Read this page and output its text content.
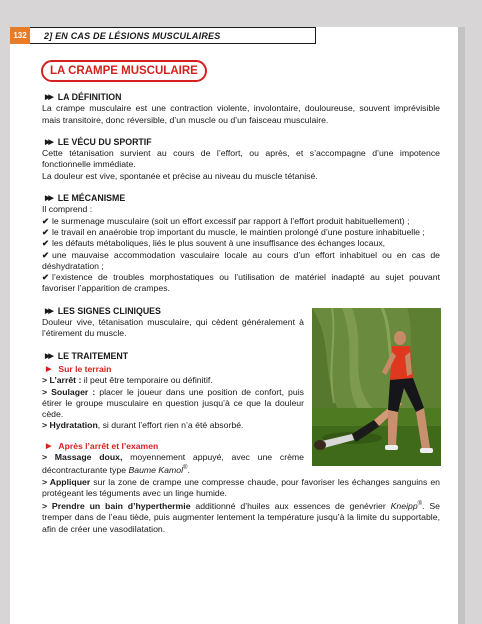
132	2] EN CAS DE LÉSIONS MUSCULAIRES
LA CRAMPE MUSCULAIRE
▶▶ LA DÉFINITION

La crampe musculaire est une contraction violente, involontaire, douloureuse, souvent imprévisible mais transitoire, donc réversible, d’un muscle ou d’un faisceau musculaire.

▶▶ LE VÉCU DU SPORTIF

Cette tétanisation survient au cours de l’effort, ou après, et s’accompagne d’une impotence fonctionnelle immédiate.

La douleur est vive, spontanée et précise au niveau du muscle tétanisé.

▶▶ LE MÉCANISME

Il comprend :

✔ le surmenage musculaire (soit un effort excessif par rapport à l’effort produit habituellement) ;

✔ le travail en anaérobie trop important du muscle, le maintien prolongé d’une posture inhabituelle ;

✔ les défauts métaboliques, liés le plus souvent à une insuffisance des échanges locaux,

✔ une mauvaise accommodation vasculaire locale au cours d’un effort inhabituel ou en cas de déshydratation ;

✔ l’existence de troubles morphostatiques ou l’utilisation de matériel inadapté au sujet pouvant favoriser l’apparition de crampes.

▶▶ LES SIGNES CLINIQUES

Douleur vive, tétanisation musculaire, qui cèdent généralement à l’étirement du muscle.

▶▶ LE TRAITEMENT
▶ Sur le terrain

> L’arrêt : il peut être temporaire ou définitif.

> Soulager : placer le joueur dans une position de confort, puis étirer le groupe musculaire en question jusqu’à ce que la douleur cède.

> Hydratation, si durant l’effort rien n’a été absorbé.

▶ Après l’arrêt et l’examen

> Massage doux, moyennement appuyé, avec une crème décontracturante type Baume Kamol®.

> Appliquer sur la zone de crampe une compresse chaude, pour favoriser les échanges sanguins en protégeant les téguments avec un linge humide.

> Prendre un bain d’hyperthermie additionné d’huiles aux essences de genévrier Kneipp®. Se tremper dans de l’eau tiède, puis augmenter lentement la température jusqu’à la limite du supportable, afin de créer une vasodilatation.
